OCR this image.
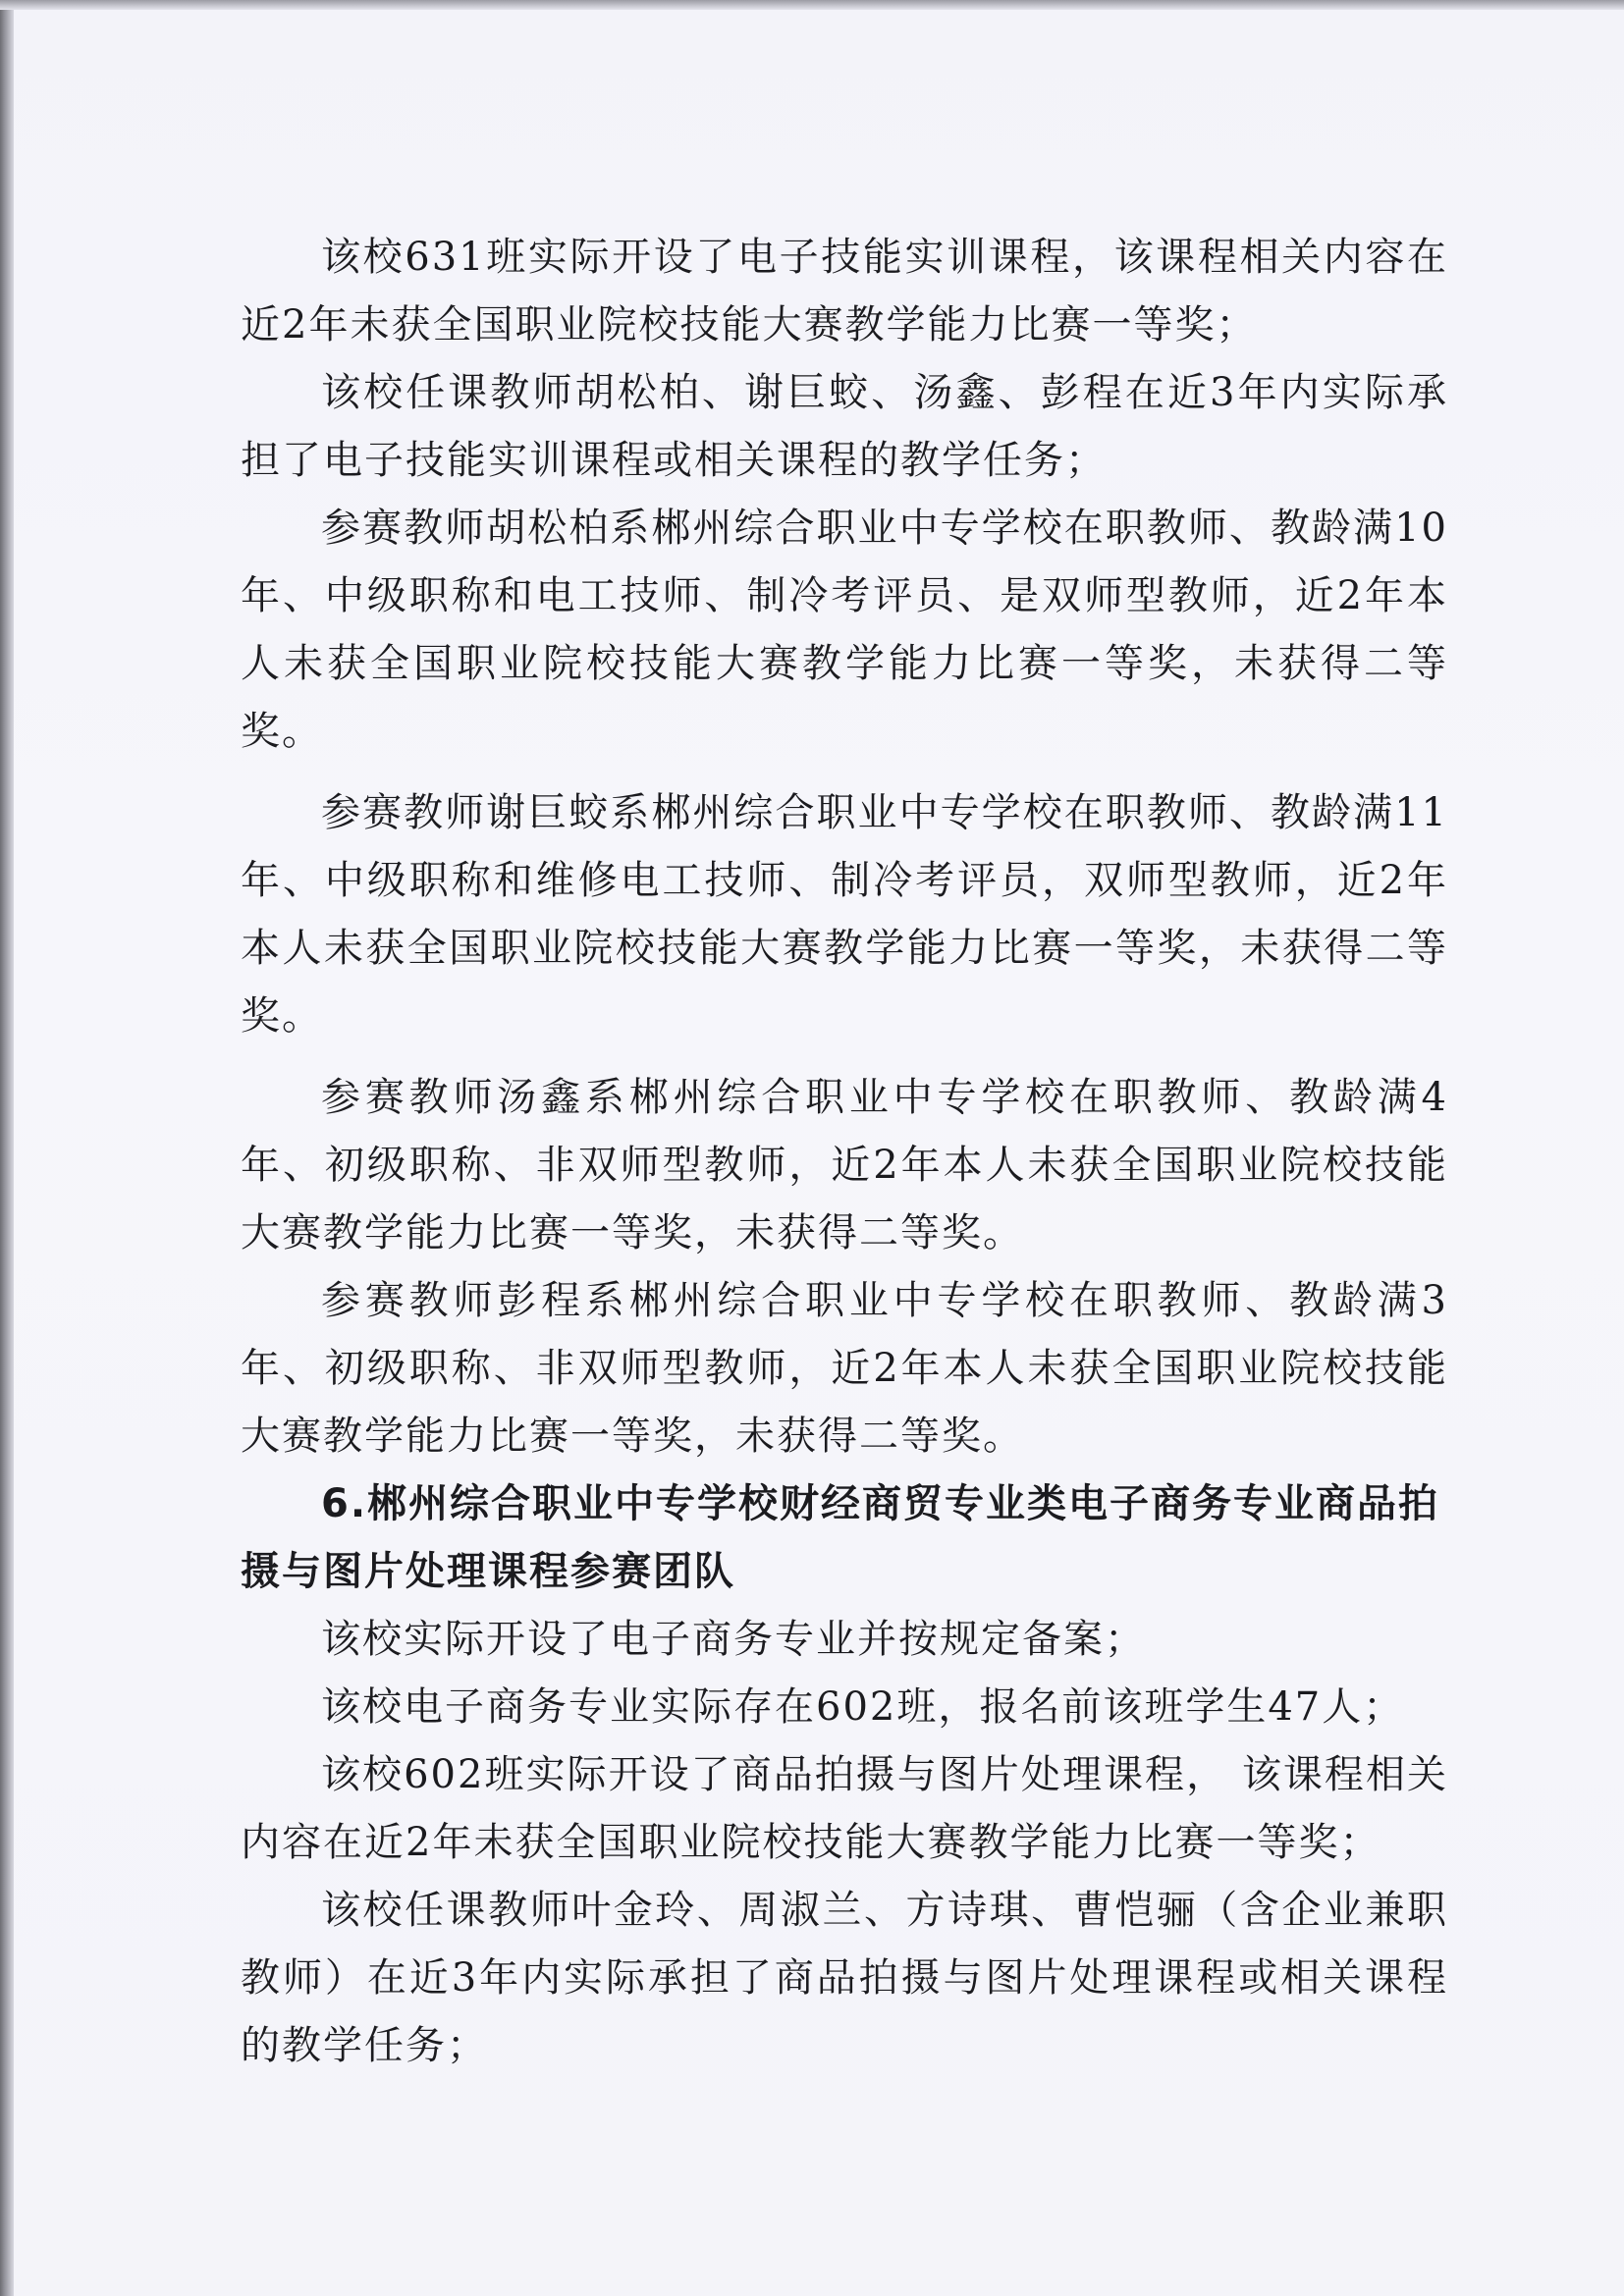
该校631班实际开设了电子技能实训课程，该课程相关内容在近2年未获全国职业院校技能大赛教学能力比赛一等奖；

该校任课教师胡松柏、谢巨蛟、汤鑫、彭程在近3年内实际承担了电子技能实训课程或相关课程的教学任务；

参赛教师胡松柏系郴州综合职业中专学校在职教师、教龄满10年、中级职称和电工技师、制冷考评员、是双师型教师，近2年本人未获全国职业院校技能大赛教学能力比赛一等奖，未获得二等奖。

参赛教师谢巨蛟系郴州综合职业中专学校在职教师、教龄满11年、中级职称和维修电工技师、制冷考评员，双师型教师，近2年本人未获全国职业院校技能大赛教学能力比赛一等奖，未获得二等奖。

参赛教师汤鑫系郴州综合职业中专学校在职教师、教龄满4年、初级职称、非双师型教师，近2年本人未获全国职业院校技能大赛教学能力比赛一等奖，未获得二等奖。

参赛教师彭程系郴州综合职业中专学校在职教师、教龄满3年、初级职称、非双师型教师，近2年本人未获全国职业院校技能大赛教学能力比赛一等奖，未获得二等奖。

6.郴州综合职业中专学校财经商贸专业类电子商务专业商品拍摄与图片处理课程参赛团队

该校实际开设了电子商务专业并按规定备案；

该校电子商务专业实际存在602班，报名前该班学生47人；

该校602班实际开设了商品拍摄与图片处理课程， 该课程相关内容在近2年未获全国职业院校技能大赛教学能力比赛一等奖；

该校任课教师叶金玲、周淑兰、方诗琪、曹恺骊（含企业兼职教师）在近3年内实际承担了商品拍摄与图片处理课程或相关课程的教学任务；
